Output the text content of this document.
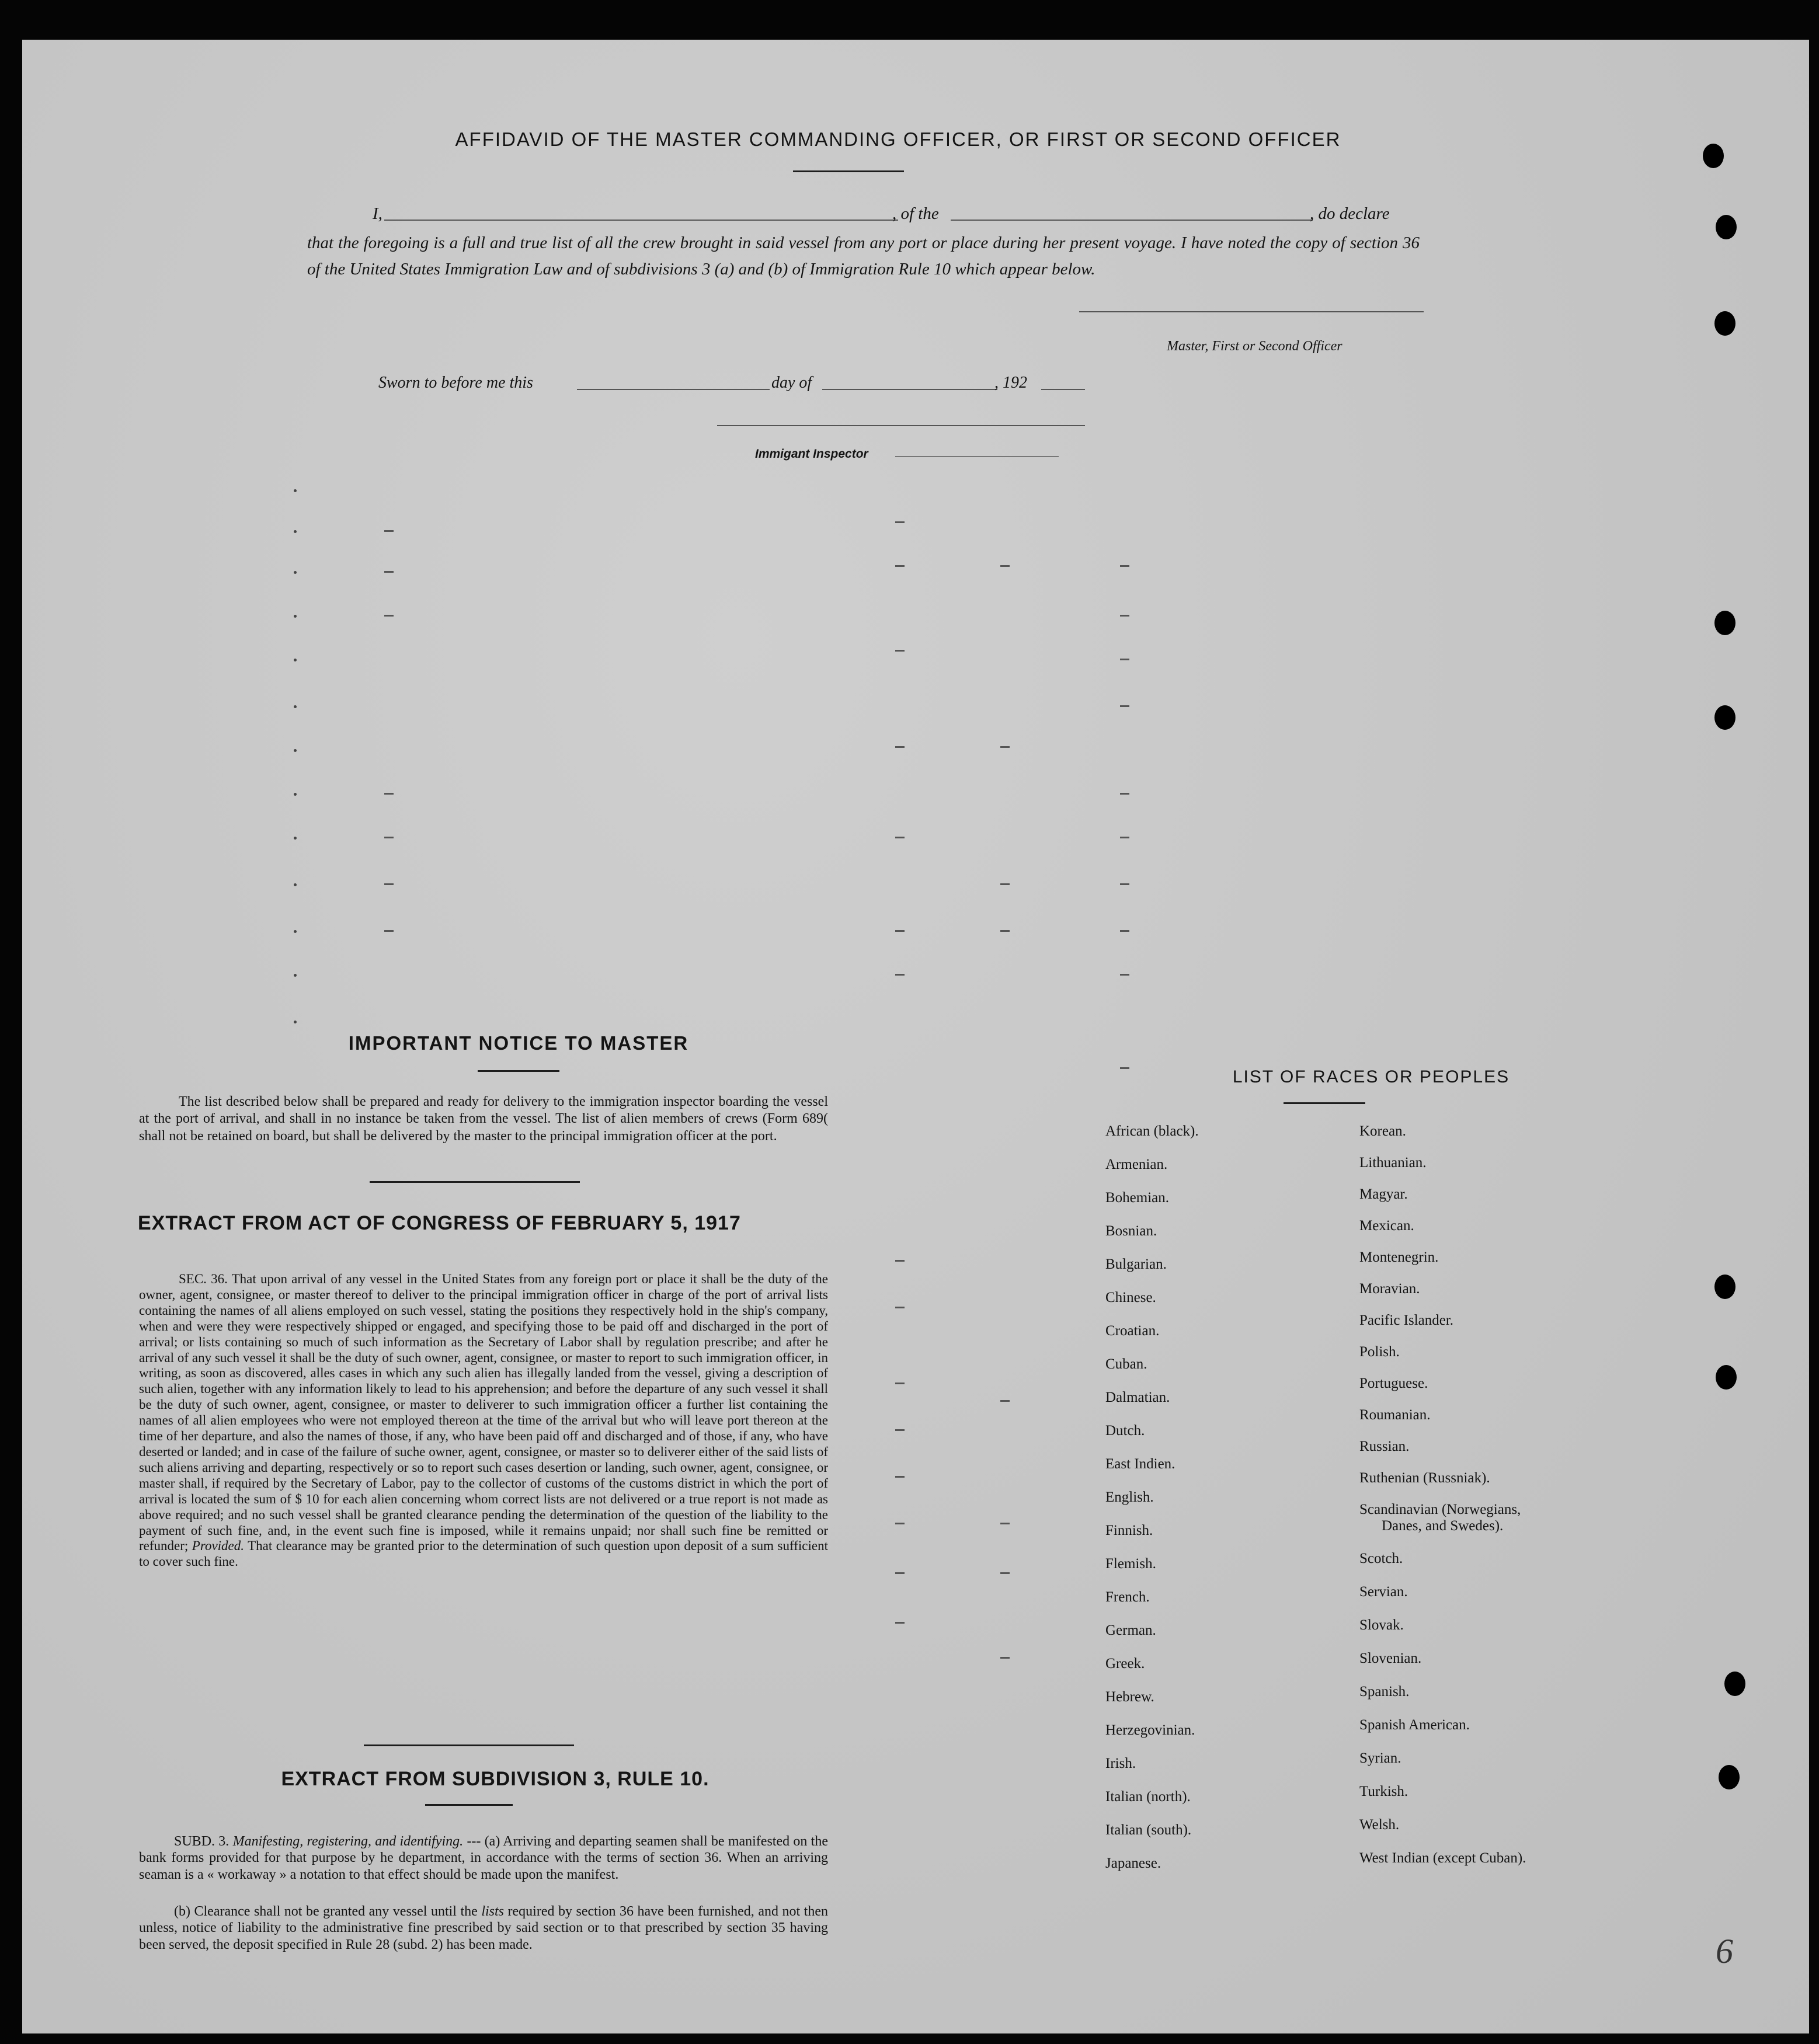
AFFIDAVID OF THE MASTER COMMANDING OFFICER, OR FIRST OR SECOND OFFICER
I,	, of the	, do declare
that the foregoing is a full and true list of all the crew brought in said vessel from any port or place during her present voyage. I have noted the copy of section 36 of the United States Immigration Law and of subdivisions 3 (a) and (b) of Immigration Rule 10 which appear below.
Master, First or Second Officer
Sworn to before me this	day of	, 192
Immigant Inspector
IMPORTANT NOTICE TO MASTER
The list described below shall be prepared and ready for delivery to the immigration inspector boarding the vessel at the port of arrival, and shall in no instance be taken from the vessel. The list of alien members of crews (Form 689( shall not be retained on board, but shall be delivered by the master to the principal immigration officer at the port.
EXTRACT FROM ACT OF CONGRESS OF FEBRUARY 5, 1917
SEC. 36. That upon arrival of any vessel in the United States from any foreign port or place it shall be the duty of the owner, agent, consignee, or master thereof to deliver to the principal immigration officer in charge of the port of arrival lists containing the names of all aliens employed on such vessel, stating the positions they respectively hold in the ship's company, when and were they were respectively shipped or engaged, and specifying those to be paid off and discharged in the port of arrival; or lists containing so much of such information as the Secretary of Labor shall by regulation prescribe; and after he arrival of any such vessel it shall be the duty of such owner, agent, consignee, or master to report to such immigration officer, in writing, as soon as discovered, alles cases in which any such alien has illegally landed from the vessel, giving a description of such alien, together with any information likely to lead to his apprehension; and before the departure of any such vessel it shall be the duty of such owner, agent, consignee, or master to deliverer to such immigration officer a further list containing the names of all alien employees who were not employed thereon at the time of the arrival but who will leave port thereon at the time of her departure, and also the names of those, if any, who have been paid off and discharged and of those, if any, who have deserted or landed; and in case of the failure of suche owner, agent, consignee, or master so to deliverer either of the said lists of such aliens arriving and departing, respectively or so to report such cases desertion or landing, such owner, agent, consignee, or master shall, if required by the Secretary of Labor, pay to the collector of customs of the customs district in which the port of arrival is located the sum of $ 10 for each alien concerning whom correct lists are not delivered or a true report is not made as above required; and no such vessel shall be granted clearance pending the determination of the question of the liability to the payment of such fine, and, in the event such fine is imposed, while it remains unpaid; nor shall such fine be remitted or refunder; Provided. That clearance may be granted prior to the determination of such question upon deposit of a sum sufficient to cover such fine.
EXTRACT FROM SUBDIVISION 3, RULE 10.
SUBD. 3. Manifesting, registering, and identifying. --- (a) Arriving and departing seamen shall be manifested on the bank forms provided for that purpose by he department, in accordance with the terms of section 36. When an arriving seaman is a « workaway » a notation to that effect should be made upon the manifest.
(b) Clearance shall not be granted any vessel until the lists required by section 36 have been furnished, and not then unless, notice of liability to the administrative fine prescribed by said section or to that prescribed by section 35 having been served, the deposit specified in Rule 28 (subd. 2) has been made.
LIST OF RACES OR PEOPLES
African (black).
Armenian.
Bohemian.
Bosnian.
Bulgarian.
Chinese.
Croatian.
Cuban.
Dalmatian.
Dutch.
East Indien.
English.
Finnish.
Flemish.
French.
German.
Greek.
Hebrew.
Herzegovinian.
Irish.
Italian (north).
Italian (south).
Japanese.
Korean.
Lithuanian.
Magyar.
Mexican.
Montenegrin.
Moravian.
Pacific Islander.
Polish.
Portuguese.
Roumanian.
Russian.
Ruthenian (Russniak).
Scandinavian (Norwegians,
Danes, and Swedes).
Scotch.
Servian.
Slovak.
Slovenian.
Spanish.
Spanish American.
Syrian.
Turkish.
Welsh.
West Indian (except Cuban).
6
